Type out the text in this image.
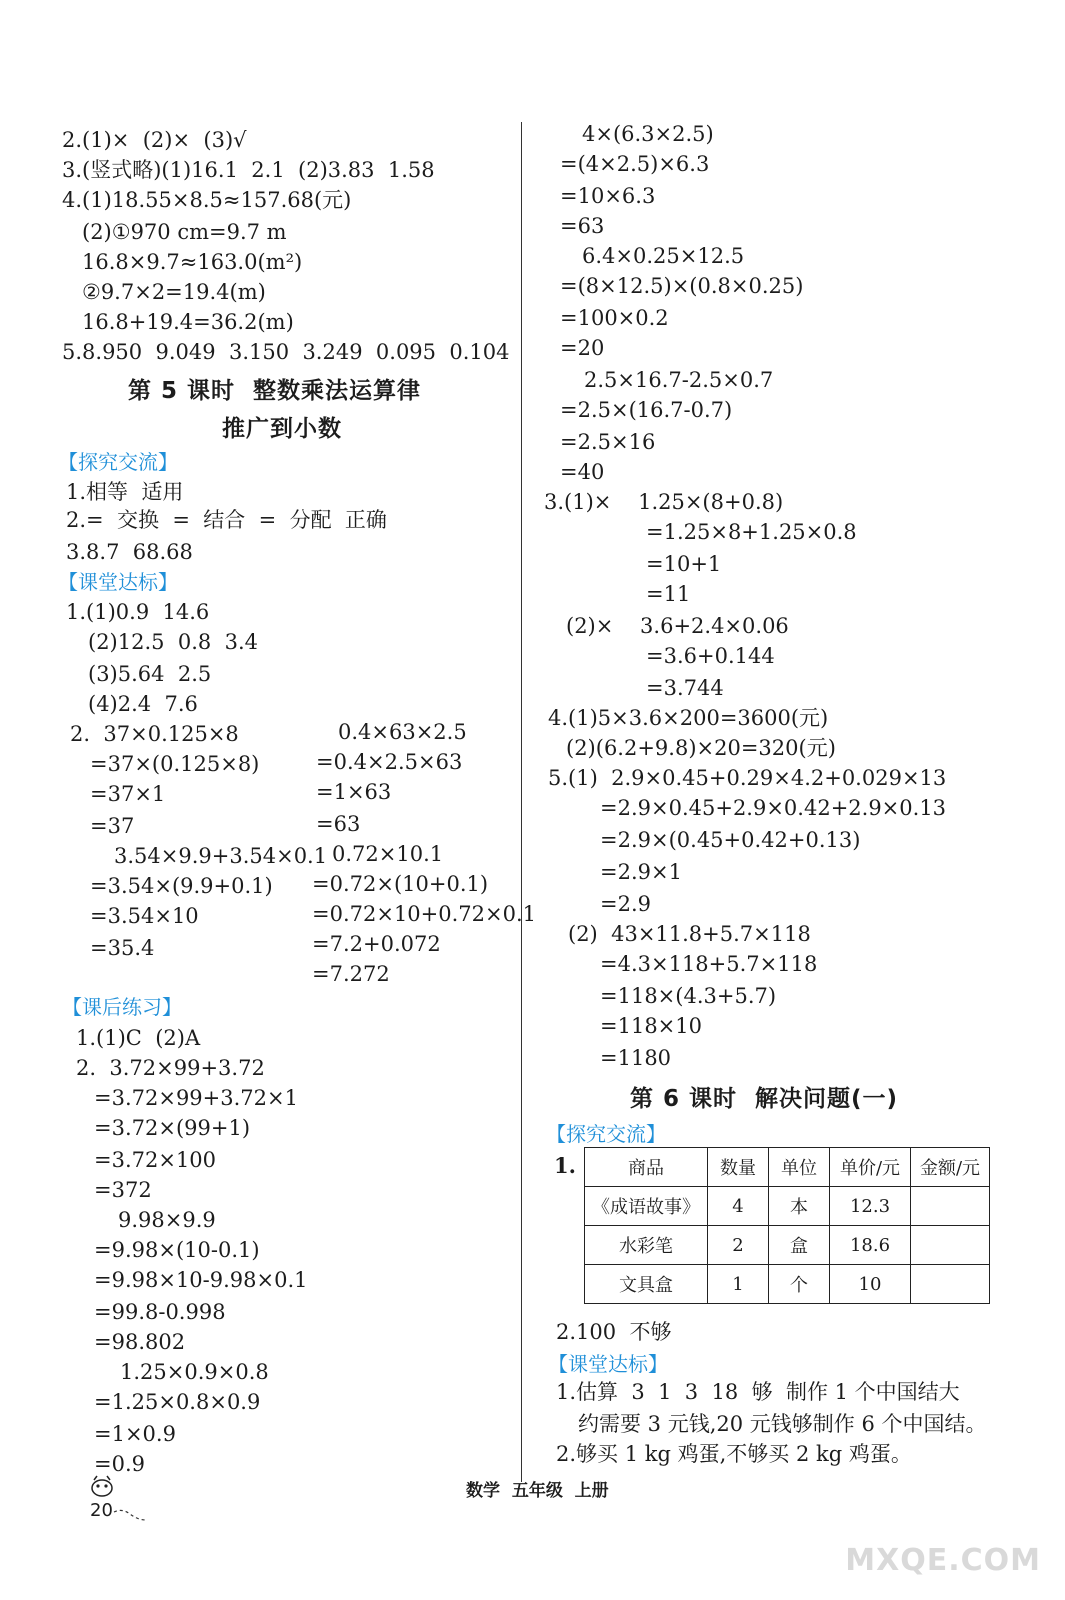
第 5 课时  整数乘法运算律
推广到小数
【探究交流】
【课堂达标】
【课后练习】
第 6 课时  解决问题(一)
【探究交流】
1.	商品	数量	单位	单价/元	金额/元
《成语故事》	4	本	12.3	
水彩笔	2	盒	18.6	
文具盒	1	个	10	
【课堂达标】
20
数学  五年级  上册
MXQE.COM
2.(1)×  (2)×  (3)√
3.(竖式略)(1)16.1  2.1  (2)3.83  1.58
4.(1)18.55×8.5≈157.68(元)
(2)①970 cm=9.7 m
16.8×9.7≈163.0(m²)
②9.7×2=19.4(m)
16.8+19.4=36.2(m)
5.8.950  9.049  3.150  3.249  0.095  0.104
1.相等  适用
2.=  交换  =  结合  =  分配  正确
3.8.7  68.68
1.(1)0.9  14.6
(2)12.5  0.8  3.4
(3)5.64  2.5
(4)2.4  7.6
2.  37×0.125×8
=37×(0.125×8)
=37×1
=37
3.54×9.9+3.54×0.1
=3.54×(9.9+0.1)
=3.54×10
=35.4
0.4×63×2.5
=0.4×2.5×63
=1×63
=63
0.72×10.1
=0.72×(10+0.1)
=0.72×10+0.72×0.1
=7.2+0.072
=7.272
1.(1)C  (2)A
2.  3.72×99+3.72
=3.72×99+3.72×1
=3.72×(99+1)
=3.72×100
=372
9.98×9.9
=9.98×(10-0.1)
=9.98×10-9.98×0.1
=99.8-0.998
=98.802
1.25×0.9×0.8
=1.25×0.8×0.9
=1×0.9
=0.9
4×(6.3×2.5)
=(4×2.5)×6.3
=10×6.3
=63
6.4×0.25×12.5
=(8×12.5)×(0.8×0.25)
=100×0.2
=20
2.5×16.7-2.5×0.7
=2.5×(16.7-0.7)
=2.5×16
=40
3.(1)×    1.25×(8+0.8)
=1.25×8+1.25×0.8
=10+1
=11
(2)×    3.6+2.4×0.06
=3.6+0.144
=3.744
4.(1)5×3.6×200=3600(元)
(2)(6.2+9.8)×20=320(元)
5.(1)  2.9×0.45+0.29×4.2+0.029×13
=2.9×0.45+2.9×0.42+2.9×0.13
=2.9×(0.45+0.42+0.13)
=2.9×1
=2.9
(2)  43×11.8+5.7×118
=4.3×118+5.7×118
=118×(4.3+5.7)
=118×10
=1180
1.估算  3  1  3  18  够  制作 1 个中国结大
约需要 3 元钱,20 元钱够制作 6 个中国结。
2.够买 1 kg 鸡蛋,不够买 2 kg 鸡蛋。
2.100  不够
